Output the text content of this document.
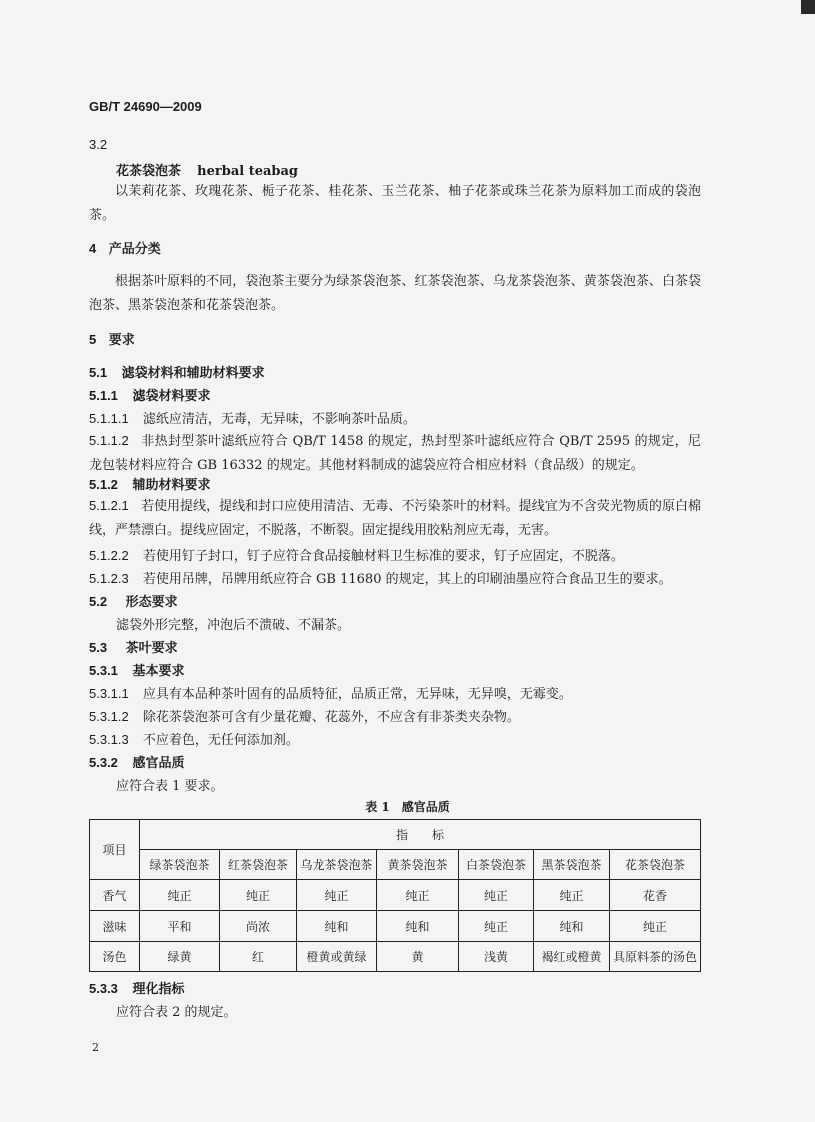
GB/T 24690—2009
3.2
花茶袋泡茶 herbal teabag
以茉莉花茶、玫瑰花茶、栀子花茶、桂花茶、玉兰花茶、柚子花茶或珠兰花茶为原料加工而成的袋泡茶。
4 产品分类
根据茶叶原料的不同，袋泡茶主要分为绿茶袋泡茶、红茶袋泡茶、乌龙茶袋泡茶、黄茶袋泡茶、白茶袋泡茶、黑茶袋泡茶和花茶袋泡茶。
5 要求
5.1 滤袋材料和辅助材料要求
5.1.1 滤袋材料要求
5.1.1.1 滤纸应清洁，无毒，无异味，不影响茶叶品质。
5.1.1.2 非热封型茶叶滤纸应符合 QB/T 1458 的规定，热封型茶叶滤纸应符合 QB/T 2595 的规定，尼龙包装材料应符合 GB 16332 的规定。其他材料制成的滤袋应符合相应材料（食品级）的规定。
5.1.2 辅助材料要求
5.1.2.1 若使用提线，提线和封口应使用清洁、无毒、不污染茶叶的材料。提线宜为不含荧光物质的原白棉线，严禁漂白。提线应固定，不脱落，不断裂。固定提线用胶粘剂应无毒，无害。
5.1.2.2 若使用钉子封口，钉子应符合食品接触材料卫生标准的要求，钉子应固定，不脱落。
5.1.2.3 若使用吊牌，吊牌用纸应符合 GB 11680 的规定，其上的印刷油墨应符合食品卫生的要求。
5.2 形态要求
滤袋外形完整，冲泡后不溃破、不漏茶。
5.3 茶叶要求
5.3.1 基本要求
5.3.1.1 应具有本品种茶叶固有的品质特征，品质正常，无异味，无异嗅，无霉变。
5.3.1.2 除花茶袋泡茶可含有少量花瓣、花蕊外，不应含有非茶类夹杂物。
5.3.1.3 不应着色，无任何添加剂。
5.3.2 感官品质
应符合表 1 要求。
表 1　感官品质
项目	指　　标						
	绿茶袋泡茶	红茶袋泡茶	乌龙茶袋泡茶	黄茶袋泡茶	白茶袋泡茶	黑茶袋泡茶	花茶袋泡茶
香气	纯正	纯正	纯正	纯正	纯正	纯正	花香
滋味	平和	尚浓	纯和	纯和	纯正	纯和	纯正
汤色	绿黄	红	橙黄或黄绿	黄	浅黄	褐红或橙黄	具原料茶的汤色
5.3.3 理化指标
应符合表 2 的规定。
2
